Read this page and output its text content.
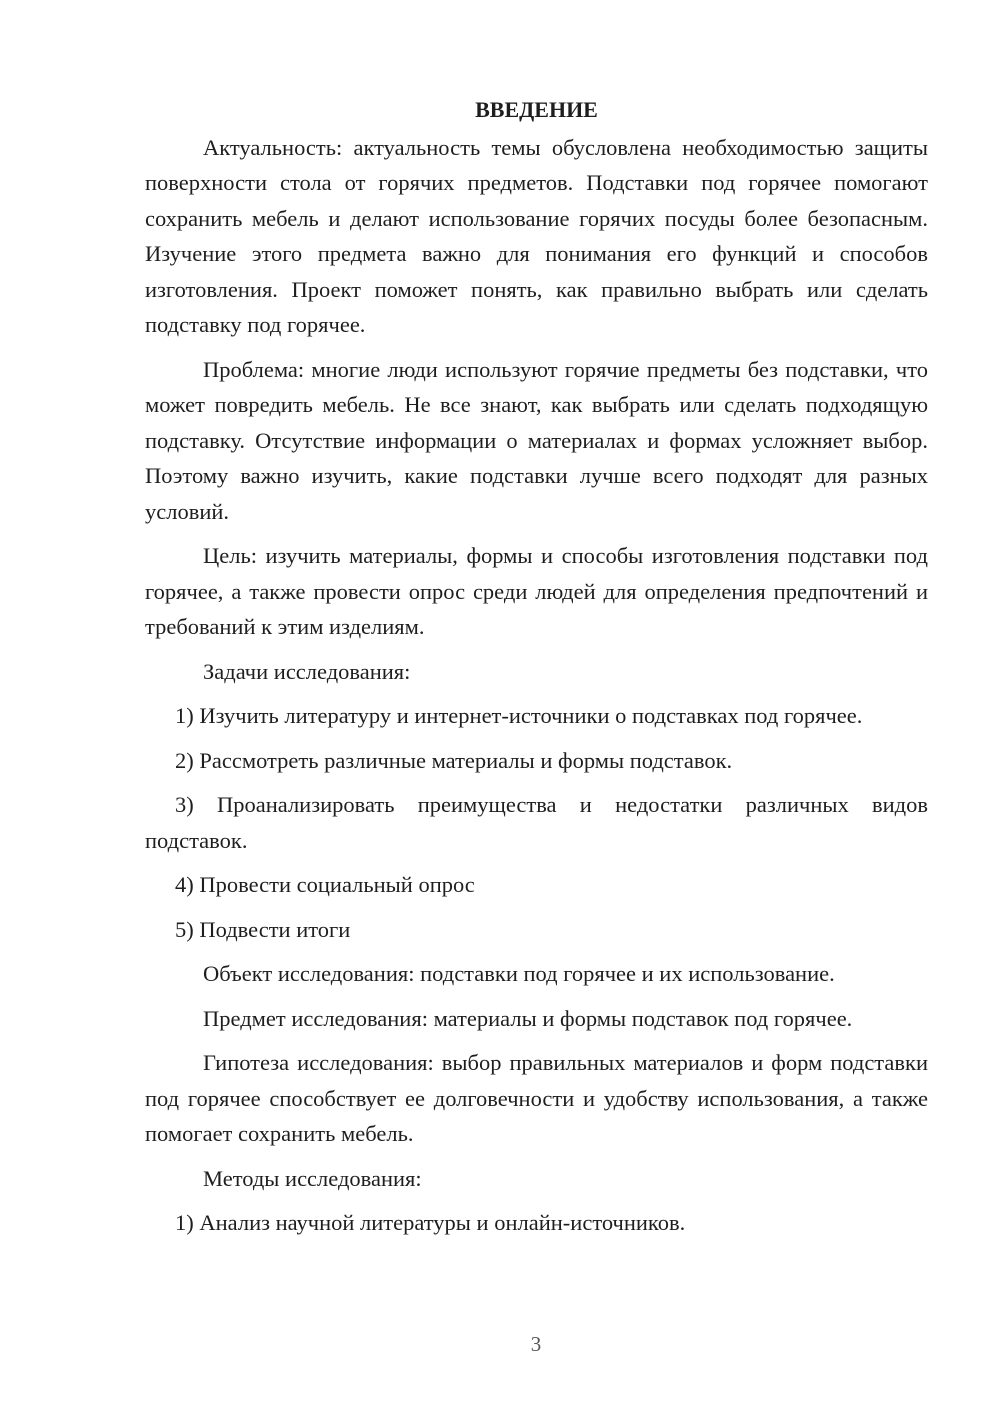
ВВЕДЕНИЕ

Актуальность: актуальность темы обусловлена необходимостью защиты поверхности стола от горячих предметов. Подставки под горячее помогают сохранить мебель и делают использование горячих посуды более безопасным. Изучение этого предмета важно для понимания его функций и способов изготовления. Проект поможет понять, как правильно выбрать или сделать подставку под горячее.

Проблема: многие люди используют горячие предметы без подставки, что может повредить мебель. Не все знают, как выбрать или сделать подходящую подставку. Отсутствие информации о материалах и формах усложняет выбор. Поэтому важно изучить, какие подставки лучше всего подходят для разных условий.

Цель: изучить материалы, формы и способы изготовления подставки под горячее, а также провести опрос среди людей для определения предпочтений и требований к этим изделиям.

Задачи исследования:

1) Изучить литературу и интернет-источники о подставках под горячее.

2) Рассмотреть различные материалы и формы подставок.

3) Проанализировать преимущества и недостатки различных видов подставок.

4) Провести социальный опрос

5) Подвести итоги

Объект исследования: подставки под горячее и их использование.

Предмет исследования: материалы и формы подставок под горячее.

Гипотеза исследования: выбор правильных материалов и форм подставки под горячее способствует ее долговечности и удобству использования, а также помогает сохранить мебель.

Методы исследования:

1) Анализ научной литературы и онлайн-источников.

3
